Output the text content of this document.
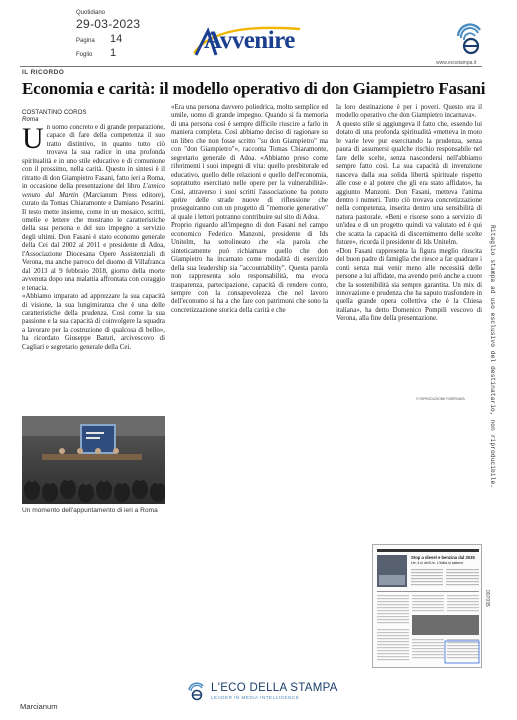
Quotidiano
29-03-2023
Pagina	14
Foglio	1	Avvenire
www.ecostampa.it
IL RICORDO
Economia e carità: il modello operativo di don Giampietro Fasani
COSTANTINO COROS
Roma

Un uomo concreto e di grande preparazione, capace di fare della competenza il suo tratto distintivo, in quanto tutto ciò trovava la sua radice in una profonda spiritualità e in uno stile educativo e di comunione con il prossimo, nella carità. Questo in sintesi è il ritratto di don Giampietro Fasani, fatto ieri a Roma, in occasione della presentazione del libro L'amico venuto dal Martin (Marcianum Press editore), curato da Tomas Chiaramonte e Damiano Pesarini. Il testo mette insieme, come in un mosaico, scritti, omelie e lettere che mostrano le caratteristiche della sua persona e del suo impegno a servizio degli ultimi. Don Fasani è stato economo generale della Cei dal 2002 al 2011 e presidente di Adoa, l'Associazione Diocesana Opere Assistenziali di Verona, ma anche parroco del duomo di Villafranca dal 2013 al 9 febbraio 2018, giorno della morte avvenuta dopo una malattia affrontata con coraggio e tenacia.

«Abbiamo imparato ad apprezzare la sua capacità di visione, la sua lungimiranza che è una delle caratteristiche della prudenza. Così come la sua passione e la sua capacità di coinvolgere la squadra a lavorare per la costruzione di qualcosa di bello», ha ricordato Giuseppe Baturi, arcivescovo di Cagliari e segretario generale della Cei.

«Era una persona davvero poliedrica, molto semplice ed umile, uomo di grande impegno. Quando si fa memoria di una persona così è sempre difficile riuscire a farlo in maniera completa. Così abbiamo deciso di ragionare su un libro che non fosse scritto "su don Giampietro" ma con "don Giampietro"», racconta Tomas Chiaramonte, segretario generale di Adoa. «Abbiamo preso come riferimenti i suoi impegni di vita: quello presbiterale ed educativo, quello delle relazioni e quello dell'economia, soprattutto esercitato nelle opere per la vulnerabilità». Così, attraverso i suoi scritti l'associazione ha potuto aprire delle strade nuove di riflessione che proseguiranno con un progetto di "memorie generative" al quale i lettori potranno contribuire sul sito di Adoa.

Proprio riguardo all'impegno di don Fasani nel campo economico Federico Manzoni, presidente di Ids Unitelm, ha sottolineato che «la parola che sinteticamente può richiamare quello che don Giampietro ha incarnato come modalità di esercizio della sua leadership sia "accountability". Questa parola non rappresenta solo responsabilità, ma evoca trasparenza, partecipazione, capacità di rendere conto, sempre con la consapevolezza che nel lavoro dell'economo si ha a che fare con patrimoni che sono la concretizzazione storica della carità e che

la loro destinazione è per i poveri. Questo era il modello operativo che don Giampietro incarnava».

A questo stile si aggiungeva il fatto che, essendo lui dotato di una profonda spiritualità «metteva in moto le varie leve pur esercitando la prudenza, senza paura di assumersi qualche rischio responsabile nel fare delle scelte, senza nascondersi nell'abbiamo sempre fatto così. La sua capacità di invenzione nasceva dalla sua solida libertà spirituale rispetto alle cose e al potere che gli era stato affidato», ha aggiunto Manzoni. Don Fasani, metteva l'anima dentro i numeri. Tutto ciò trovava concretizzazione nella competenza, inserita dentro una sensibilità di natura pastorale. «Beni e risorse sono a servizio di un'idea e di un progetto quindi va valutato ed è qui che scatta la capacità di discernimento delle scelte future», ricorda il presidente di Ids Unitelm.

«Don Fasani rappresenta la figura meglio riuscita del buon padre di famiglia che riesce a far quadrare i conti senza mai venir meno alle necessità delle persone a lui affidate, ma avendo però anche a cuore che la sostenibilità sia sempre garantita. Un mix di innovazione e prudenza che ha saputo trasfondere in quella grande opera collettiva che è la Chiesa italiana», ha detto Domenico Pompili vescovo di Verona, alla fine della presentazione.

© RIPRODUZIONE RISERVATA
Un momento dell'appuntamento di ieri a Roma
Ritaglio stampa ad uso esclusivo del destinatario, non riproducibile.
Stop a diesel e benzina dal 2035
Ue, il sì dell'Ue. L'Italia si astiene
007035
L'ECO DELLA STAMPA
LEADER IN MEDIA INTELLIGENCE
Marcianum
